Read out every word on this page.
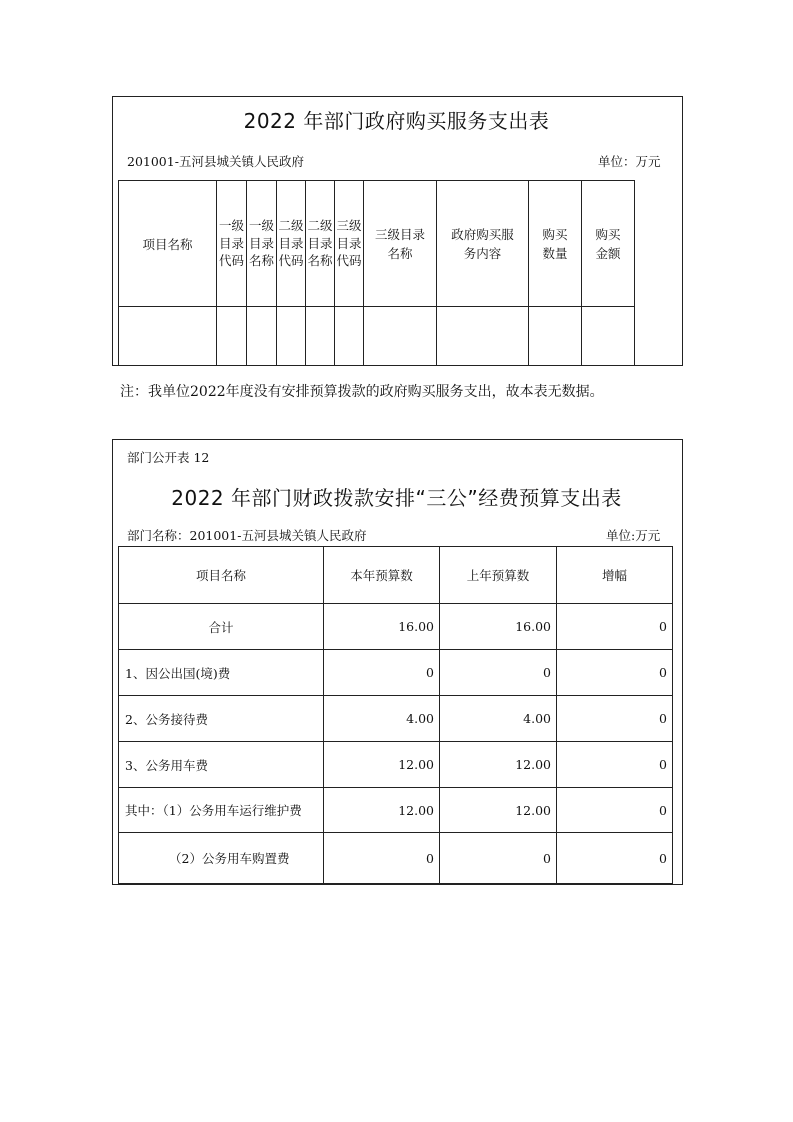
2022 年部门政府购买服务支出表
201001-五河县城关镇人民政府	单位：万元
项目名称	一级目录代码	一级目录名称	二级目录代码	二级目录名称	三级目录代码	三级目录名称	政府购买服务内容	购买数量	购买金额

注：我单位2022年度没有安排预算拨款的政府购买服务支出，故本表无数据。
部门公开表 12
2022 年部门财政拨款安排“三公”经费预算支出表
部门名称：201001-五河县城关镇人民政府	单位:万元
项目名称	本年预算数	上年预算数	增幅
合计	16.00	16.00	0
1、因公出国(境)费	0	0	0
2、公务接待费	4.00	4.00	0
3、公务用车费	12.00	12.00	0
其中：（1）公务用车运行维护费	12.00	12.00	0
（2）公务用车购置费	0	0	0
